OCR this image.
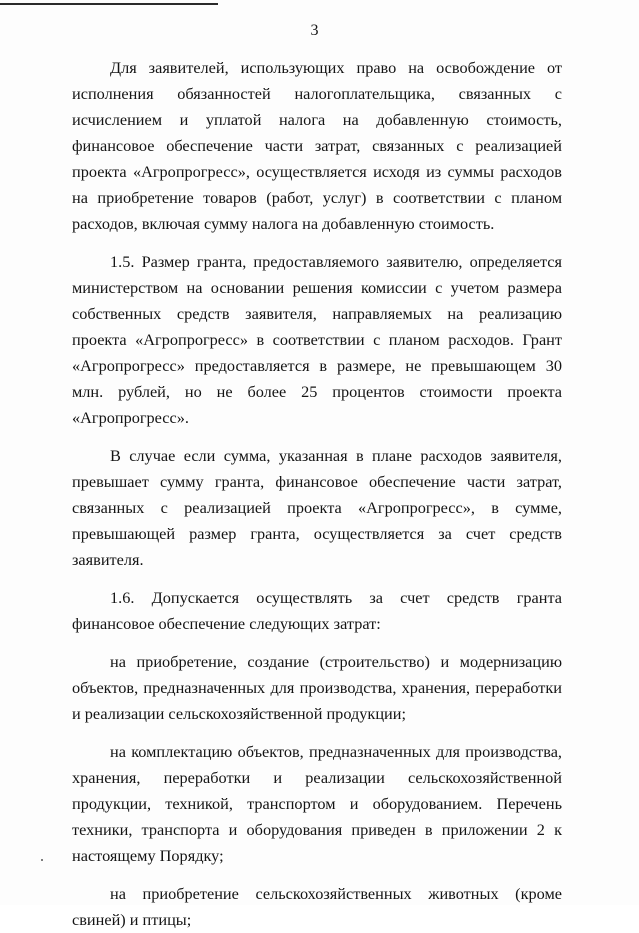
3

Для заявителей, использующих право на освобождение от исполнения обязанностей налогоплательщика, связанных с исчислением и уплатой налога на добавленную стоимость, финансовое обеспечение части затрат, связанных с реализацией проекта «Агропрогресс», осуществляется исходя из суммы расходов на приобретение товаров (работ, услуг) в соответствии с планом расходов, включая сумму налога на добавленную стоимость.

1.5. Размер гранта, предоставляемого заявителю, определяется министерством на основании решения комиссии с учетом размера собственных средств заявителя, направляемых на реализацию проекта «Агропрогресс» в соответствии с планом расходов. Грант «Агропрогресс» предоставляется в размере, не превышающем 30 млн. рублей, но не более 25 процентов стоимости проекта «Агропрогресс».

В случае если сумма, указанная в плане расходов заявителя, превышает сумму гранта, финансовое обеспечение части затрат, связанных с реализацией проекта «Агропрогресс», в сумме, превышающей размер гранта, осуществляется за счет средств заявителя.

1.6. Допускается осуществлять за счет средств гранта финансовое обеспечение следующих затрат:

на приобретение, создание (строительство) и модернизацию объектов, предназначенных для производства, хранения, переработки и реализации сельскохозяйственной продукции;

на комплектацию объектов, предназначенных для производства, хранения, переработки и реализации сельскохозяйственной продукции, техникой, транспортом и оборудованием. Перечень техники, транспорта и оборудования приведен в приложении 2 к настоящему Порядку;

на приобретение сельскохозяйственных животных (кроме свиней) и птицы;
